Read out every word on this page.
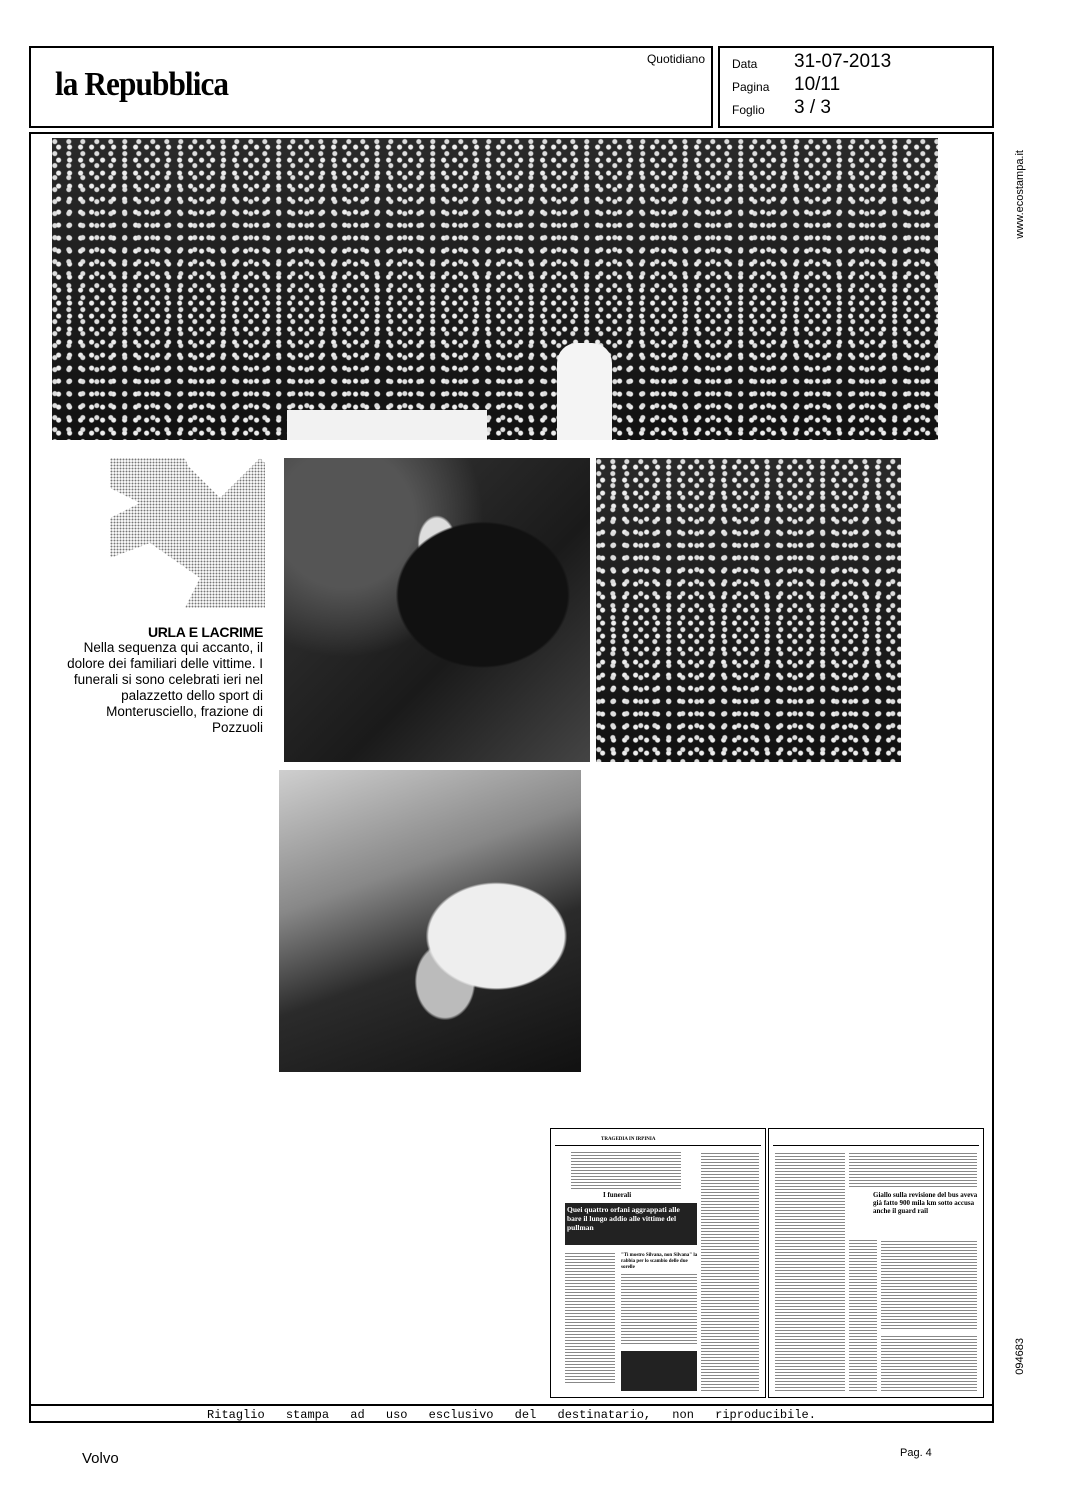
la Repubblica
Quotidiano Data 31-07-2013
Pagina 10/11
Foglio 3 / 3
www.ecostampa.it
094683
URLA E LACRIME
Nella sequenza qui accanto, il dolore dei familiari delle vittime. I funerali si sono celebrati ieri nel palazzetto dello sport di Monterusciello, frazione di Pozzuoli
TRAGEDIA IN IRPINIA
I funerali
Quei quattro orfani aggrappati alle bare il lungo addio alle vittime del pullman
"Ti mostro Silvana, non Silvana" la rabbia per lo scambio delle due sorelle
Giallo sulla revisione del bus aveva già fatto 900 mila km sotto accusa anche il guard rail
Ritaglio stampa ad uso esclusivo del destinatario, non riproducibile.
Volvo	Pag. 4
